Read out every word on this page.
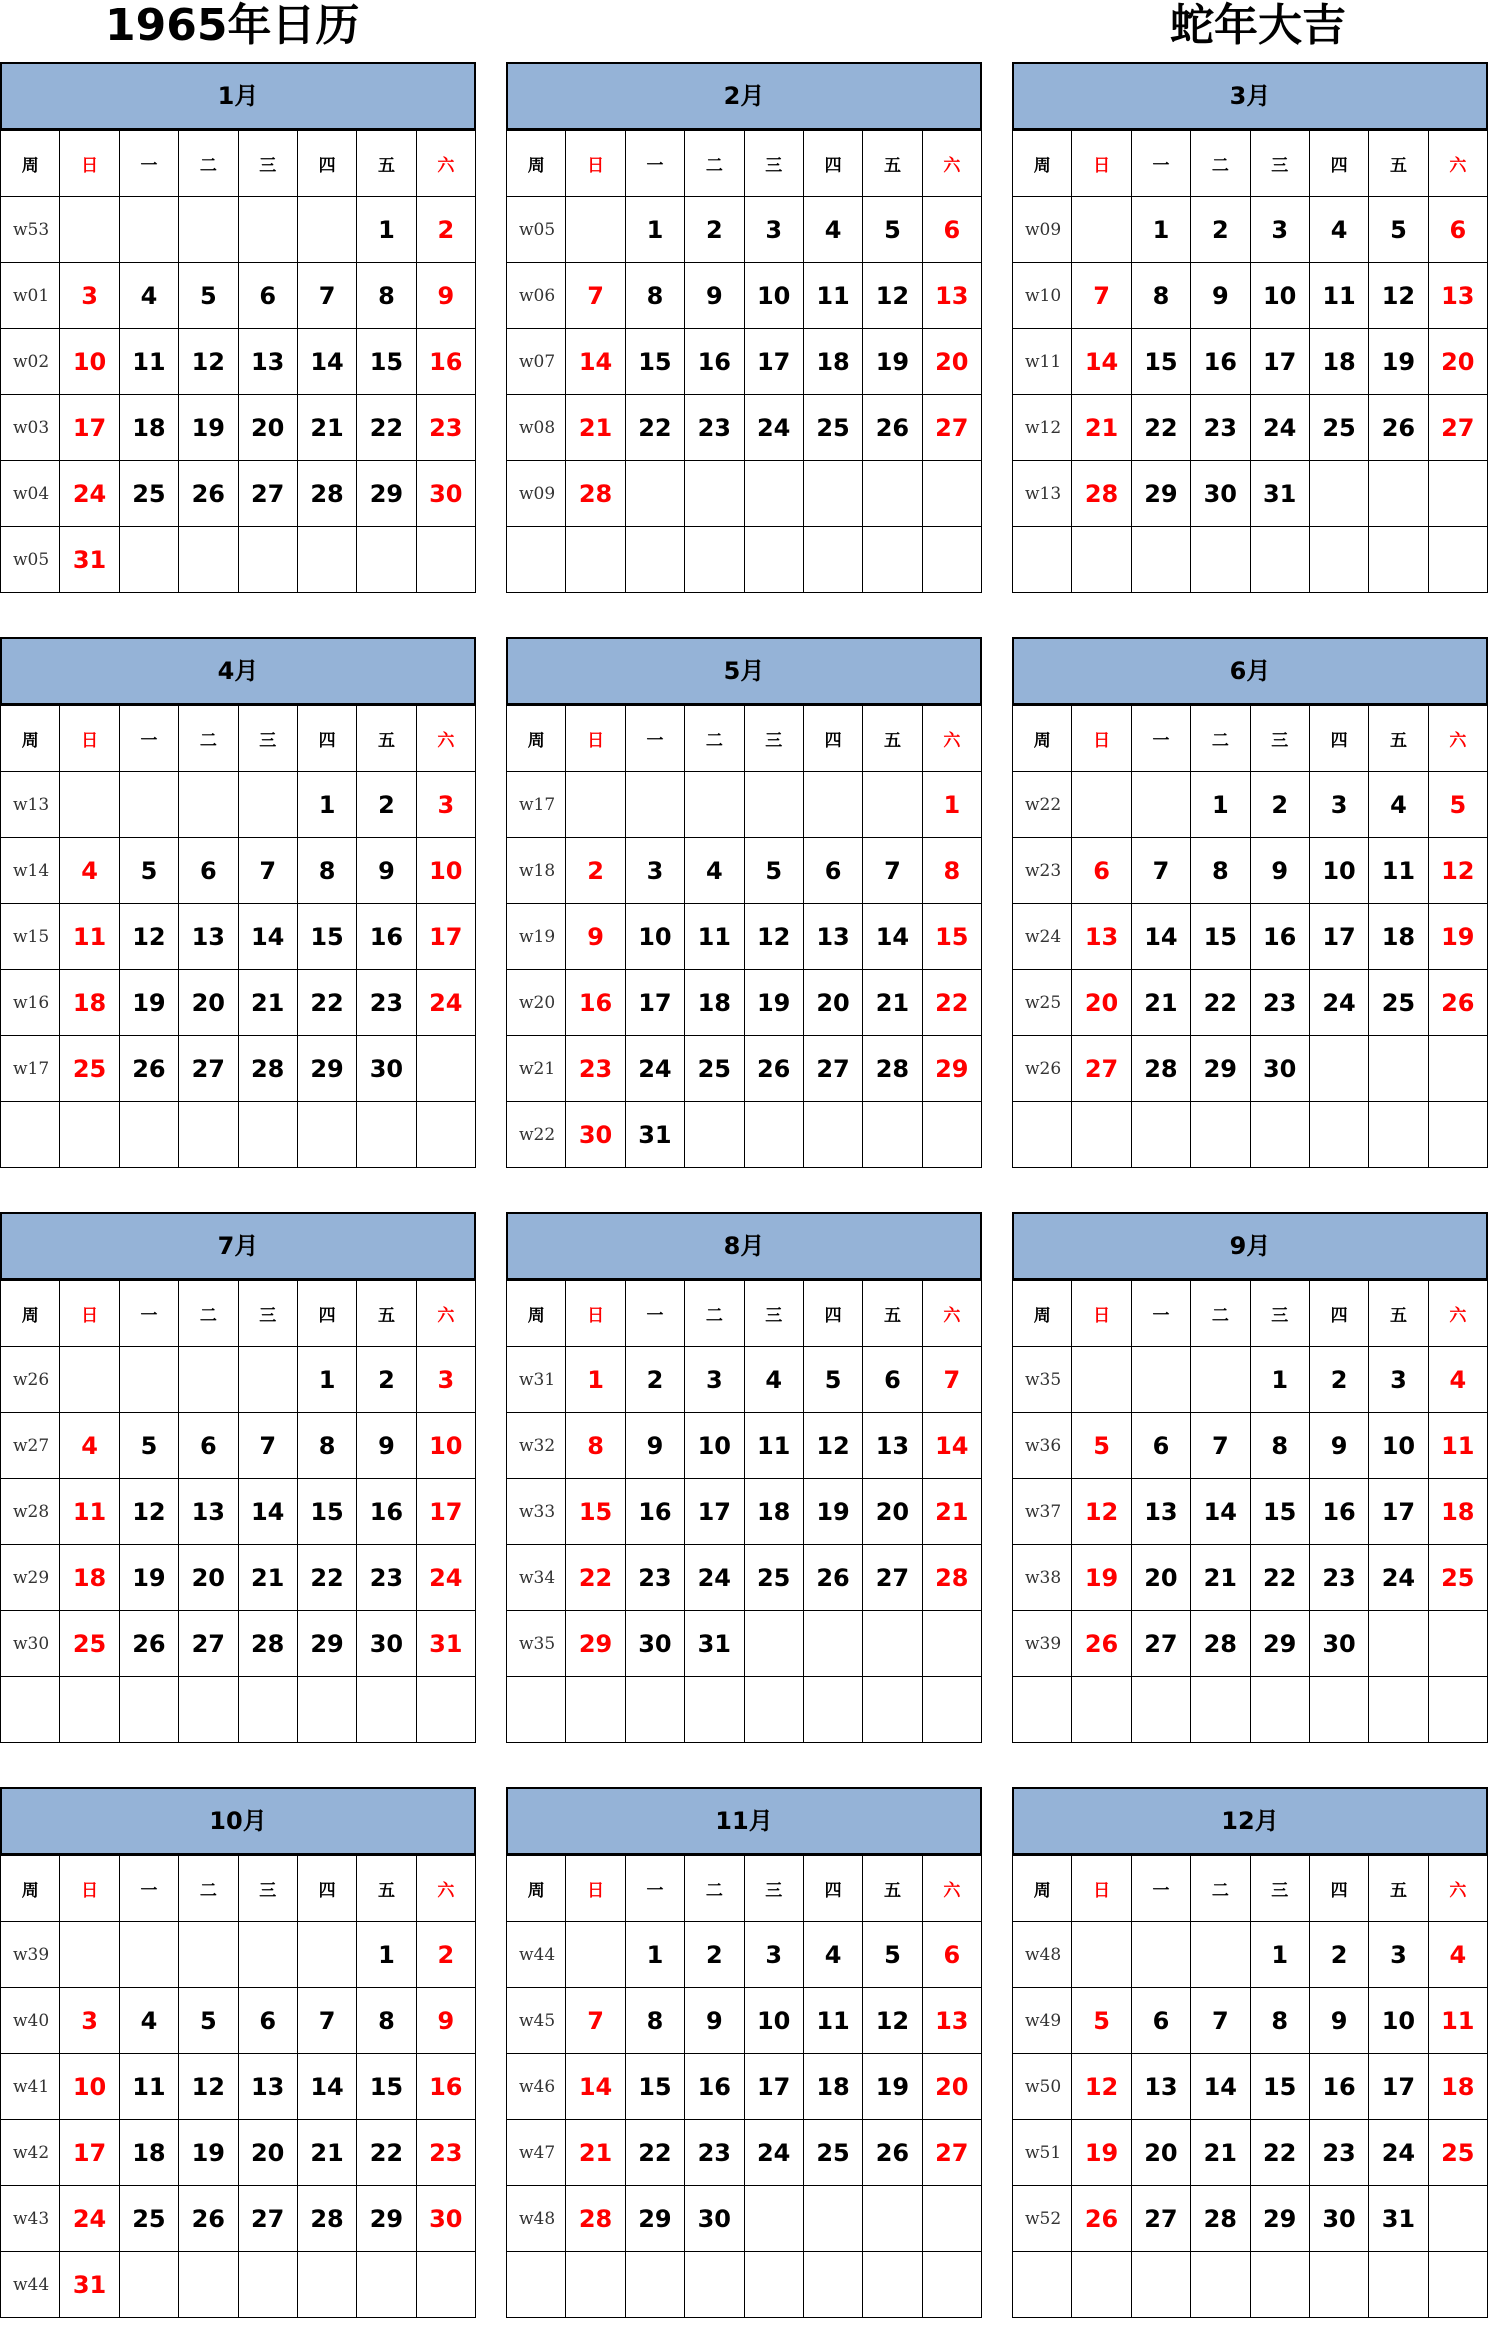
1965年日历	蛇年大吉
1月
周	日	一	二	三	四	五	六
w53						1	2
w01	3	4	5	6	7	8	9
w02	10	11	12	13	14	15	16
w03	17	18	19	20	21	22	23
w04	24	25	26	27	28	29	30
w05	31						
2月
周	日	一	二	三	四	五	六
w05		1	2	3	4	5	6
w06	7	8	9	10	11	12	13
w07	14	15	16	17	18	19	20
w08	21	22	23	24	25	26	27
w09	28						

3月
周	日	一	二	三	四	五	六
w09		1	2	3	4	5	6
w10	7	8	9	10	11	12	13
w11	14	15	16	17	18	19	20
w12	21	22	23	24	25	26	27
w13	28	29	30	31			

4月
周	日	一	二	三	四	五	六
w13					1	2	3
w14	4	5	6	7	8	9	10
w15	11	12	13	14	15	16	17
w16	18	19	20	21	22	23	24
w17	25	26	27	28	29	30	

5月
周	日	一	二	三	四	五	六
w17							1
w18	2	3	4	5	6	7	8
w19	9	10	11	12	13	14	15
w20	16	17	18	19	20	21	22
w21	23	24	25	26	27	28	29
w22	30	31					
6月
周	日	一	二	三	四	五	六
w22			1	2	3	4	5
w23	6	7	8	9	10	11	12
w24	13	14	15	16	17	18	19
w25	20	21	22	23	24	25	26
w26	27	28	29	30			

7月
周	日	一	二	三	四	五	六
w26					1	2	3
w27	4	5	6	7	8	9	10
w28	11	12	13	14	15	16	17
w29	18	19	20	21	22	23	24
w30	25	26	27	28	29	30	31

8月
周	日	一	二	三	四	五	六
w31	1	2	3	4	5	6	7
w32	8	9	10	11	12	13	14
w33	15	16	17	18	19	20	21
w34	22	23	24	25	26	27	28
w35	29	30	31				

9月
周	日	一	二	三	四	五	六
w35				1	2	3	4
w36	5	6	7	8	9	10	11
w37	12	13	14	15	16	17	18
w38	19	20	21	22	23	24	25
w39	26	27	28	29	30		

10月
周	日	一	二	三	四	五	六
w39						1	2
w40	3	4	5	6	7	8	9
w41	10	11	12	13	14	15	16
w42	17	18	19	20	21	22	23
w43	24	25	26	27	28	29	30
w44	31						
11月
周	日	一	二	三	四	五	六
w44		1	2	3	4	5	6
w45	7	8	9	10	11	12	13
w46	14	15	16	17	18	19	20
w47	21	22	23	24	25	26	27
w48	28	29	30				

12月
周	日	一	二	三	四	五	六
w48				1	2	3	4
w49	5	6	7	8	9	10	11
w50	12	13	14	15	16	17	18
w51	19	20	21	22	23	24	25
w52	26	27	28	29	30	31	
